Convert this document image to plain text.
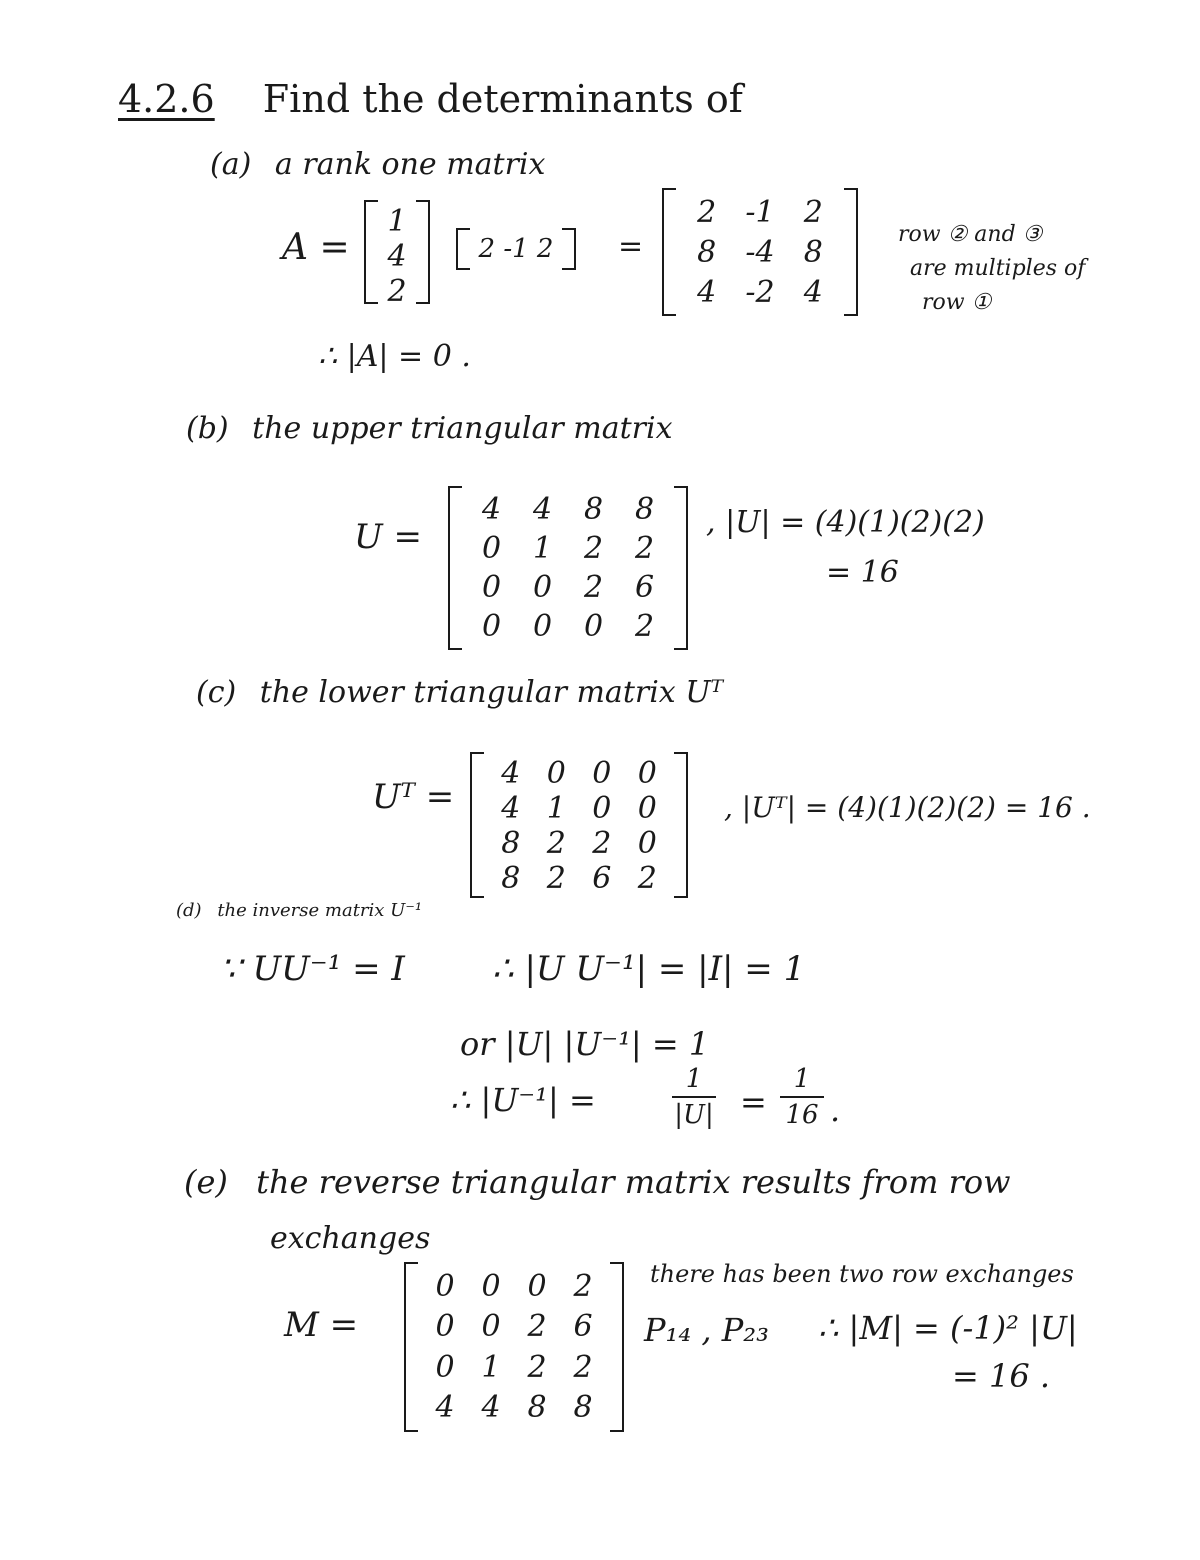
4.2.6 Find the determinants of
(a) a rank one matrix
A =
1
4
2
2 -1 2 =
2 -1 2
8 -4 8
4 -2 4
row ② and ③
are multiples of
row ①
∴ |A| = 0 .
(b) the upper triangular matrix
U =
4	4	8	8
0	1	2	2
0	0	2	6
0	0	0	2
, |U| = (4)(1)(2)(2)
= 16
(c) the lower triangular matrix Uᵀ
Uᵀ =
4 0 0 0
4 1 0 0
8 2 2 0
8 2 6 2
, |Uᵀ| = (4)(1)(2)(2) = 16 .
(d) the inverse matrix U⁻¹
∵ UU⁻¹ = I	∴ |U U⁻¹| = |I| = 1
or |U| |U⁻¹| = 1
∴ |U⁻¹| =
1
|U| =
1
16 .
(e) the reverse triangular matrix results from row
exchanges
M =
0 0 0 2
0 0 2 6
0 1 2 2
4 4 8 8
there has been two row exchanges
P₁₄ , P₂₃ ∴ |M| = (-1)² |U|
= 16 .
